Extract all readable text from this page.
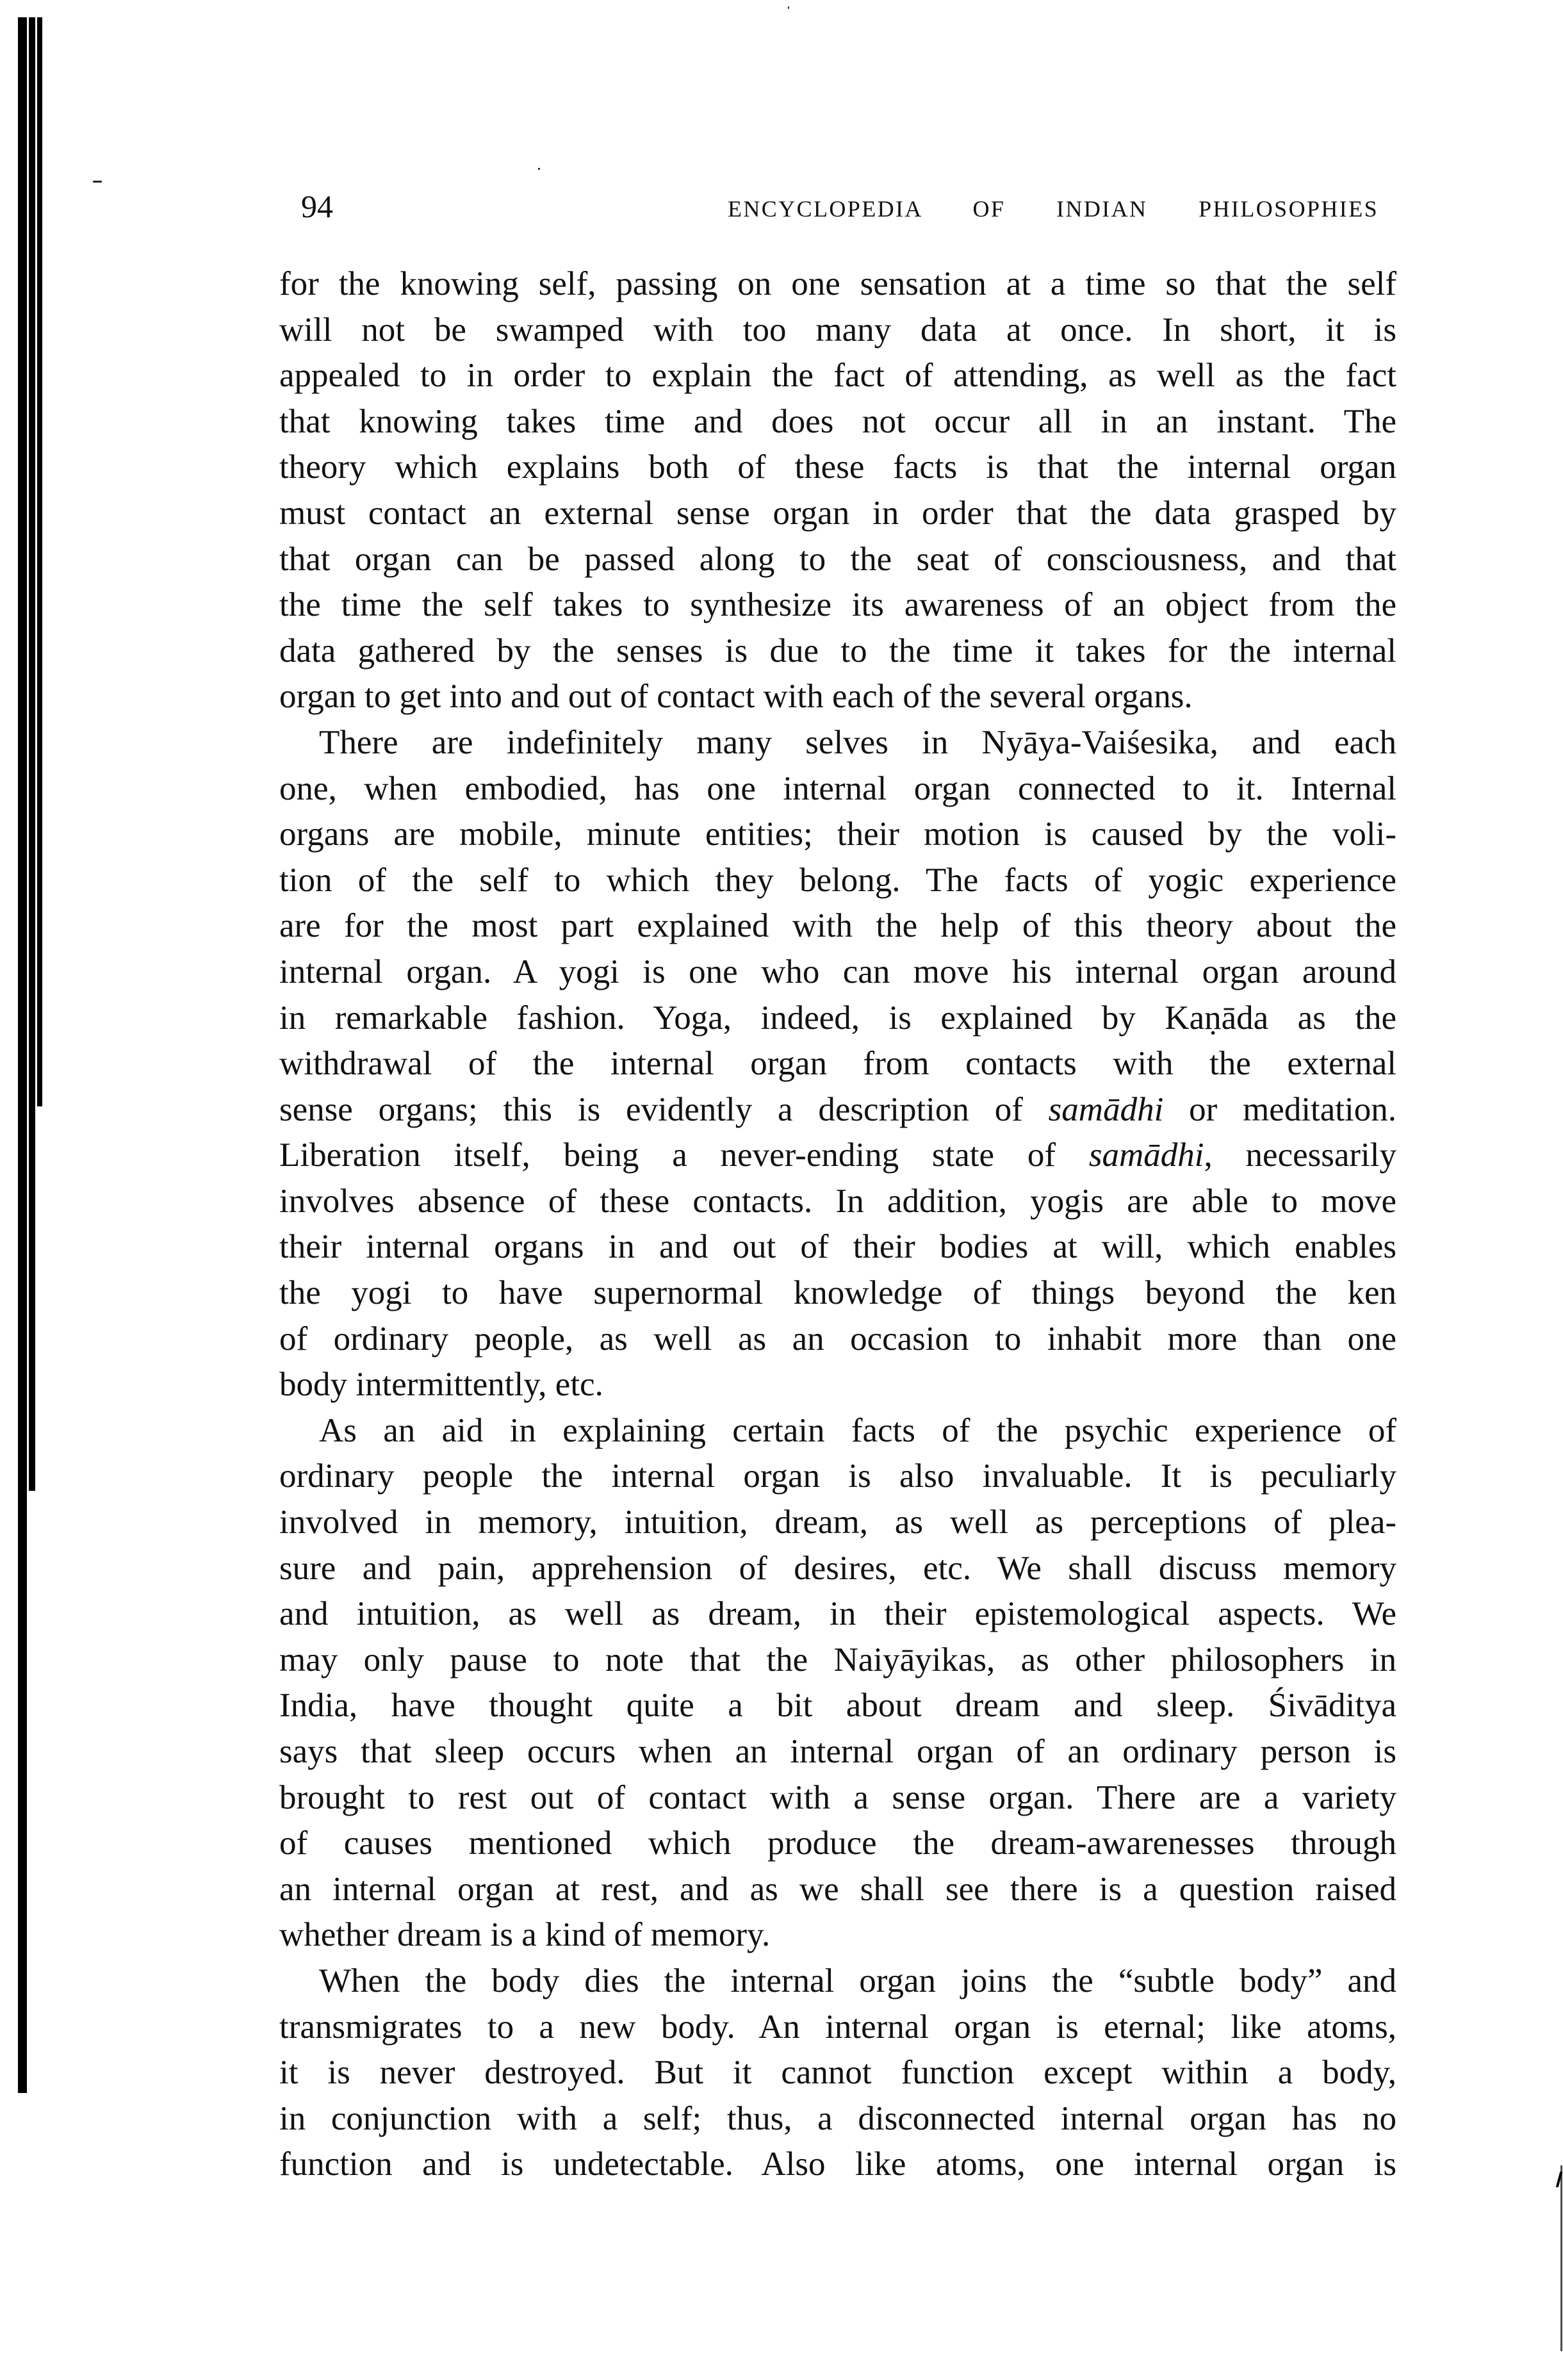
94	ENCYCLOPEDIA OF INDIAN PHILOSOPHIES
for the knowing self, passing on one sensation at a time so that the self
will not be swamped with too many data at once. In short, it is
appealed to in order to explain the fact of attending, as well as the fact
that knowing takes time and does not occur all in an instant. The
theory which explains both of these facts is that the internal organ
must contact an external sense organ in order that the data grasped by
that organ can be passed along to the seat of consciousness, and that
the time the self takes to synthesize its awareness of an object from the
data gathered by the senses is due to the time it takes for the internal
organ to get into and out of contact with each of the several organs.
There are indefinitely many selves in Nyāya-Vaiśesika, and each
one, when embodied, has one internal organ connected to it. Internal
organs are mobile, minute entities; their motion is caused by the voli-
tion of the self to which they belong. The facts of yogic experience
are for the most part explained with the help of this theory about the
internal organ. A yogi is one who can move his internal organ around
in remarkable fashion. Yoga, indeed, is explained by Kaṇāda as the
withdrawal of the internal organ from contacts with the external
sense organs; this is evidently a description of samādhi or meditation.
Liberation itself, being a never-ending state of samādhi, necessarily
involves absence of these contacts. In addition, yogis are able to move
their internal organs in and out of their bodies at will, which enables
the yogi to have supernormal knowledge of things beyond the ken
of ordinary people, as well as an occasion to inhabit more than one
body intermittently, etc.
As an aid in explaining certain facts of the psychic experience of
ordinary people the internal organ is also invaluable. It is peculiarly
involved in memory, intuition, dream, as well as perceptions of plea-
sure and pain, apprehension of desires, etc. We shall discuss memory
and intuition, as well as dream, in their epistemological aspects. We
may only pause to note that the Naiyāyikas, as other philosophers in
India, have thought quite a bit about dream and sleep. Śivāditya
says that sleep occurs when an internal organ of an ordinary person is
brought to rest out of contact with a sense organ. There are a variety
of causes mentioned which produce the dream-awarenesses through
an internal organ at rest, and as we shall see there is a question raised
whether dream is a kind of memory.
When the body dies the internal organ joins the “subtle body” and
transmigrates to a new body. An internal organ is eternal; like atoms,
it is never destroyed. But it cannot function except within a body,
in conjunction with a self; thus, a disconnected internal organ has no
function and is undetectable. Also like atoms, one internal organ is
